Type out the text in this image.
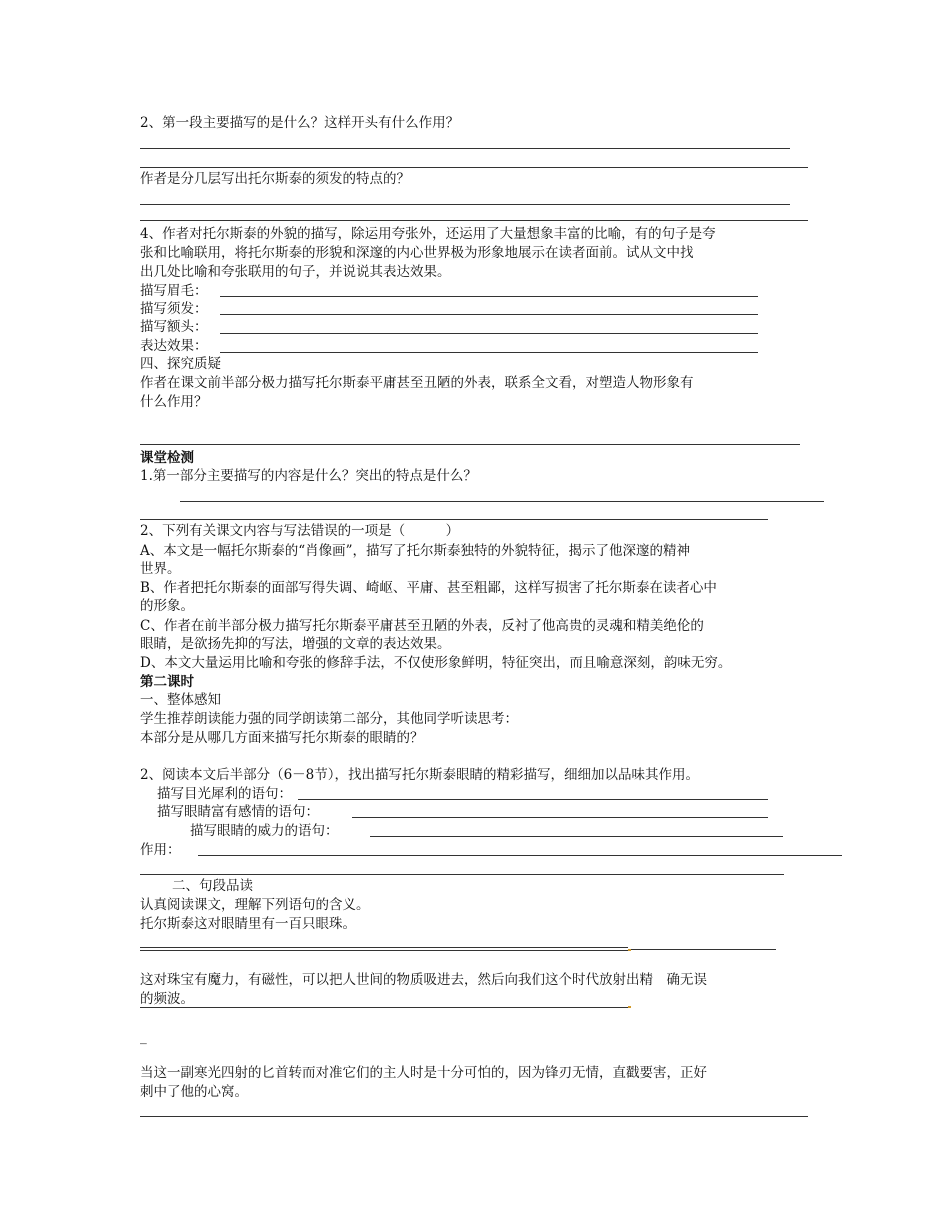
2、第一段主要描写的是什么？这样开头有什么作用？
作者是分几层写出托尔斯泰的须发的特点的？
4、作者对托尔斯泰的外貌的描写，除运用夸张外，还运用了大量想象丰富的比喻，有的句子是夸
张和比喻联用，将托尔斯泰的形貌和深邃的内心世界极为形象地展示在读者面前。试从文中找
出几处比喻和夸张联用的句子，并说说其表达效果。
描写眉毛：
描写须发：
描写额头：
表达效果：
四、探究质疑
作者在课文前半部分极力描写托尔斯泰平庸甚至丑陋的外表，联系全文看，对塑造人物形象有
什么作用？
课堂检测
1.第一部分主要描写的内容是什么？突出的特点是什么？
2、下列有关课文内容与写法错误的一项是（　　　）
A、本文是一幅托尔斯泰的“肖像画”，描写了托尔斯泰独特的外貌特征，揭示了他深邃的精神
世界。
B、作者把托尔斯泰的面部写得失调、崎岖、平庸、甚至粗鄙，这样写损害了托尔斯泰在读者心中
的形象。
C、作者在前半部分极力描写托尔斯泰平庸甚至丑陋的外表，反衬了他高贵的灵魂和精美绝伦的
眼睛，是欲扬先抑的写法，增强的文章的表达效果。
D、本文大量运用比喻和夸张的修辞手法，不仅使形象鲜明，特征突出，而且喻意深刻，韵味无穷。
第二课时
一、整体感知
学生推荐朗读能力强的同学朗读第二部分，其他同学听读思考：
本部分是从哪几方面来描写托尔斯泰的眼睛的？
2、阅读本文后半部分（6－8节），找出描写托尔斯泰眼睛的精彩描写，细细加以品味其作用。
描写目光犀利的语句：
描写眼睛富有感情的语句：
描写眼睛的威力的语句：
作用：
二、句段品读
认真阅读课文，理解下列语句的含义。
托尔斯泰这对眼睛里有一百只眼珠。
这对珠宝有魔力，有磁性，可以把人世间的物质吸进去，然后向我们这个时代放射出精　确无误
的频波。
_
当这一副寒光四射的匕首转而对准它们的主人时是十分可怕的，因为锋刃无情，直戳要害，正好
刺中了他的心窝。
